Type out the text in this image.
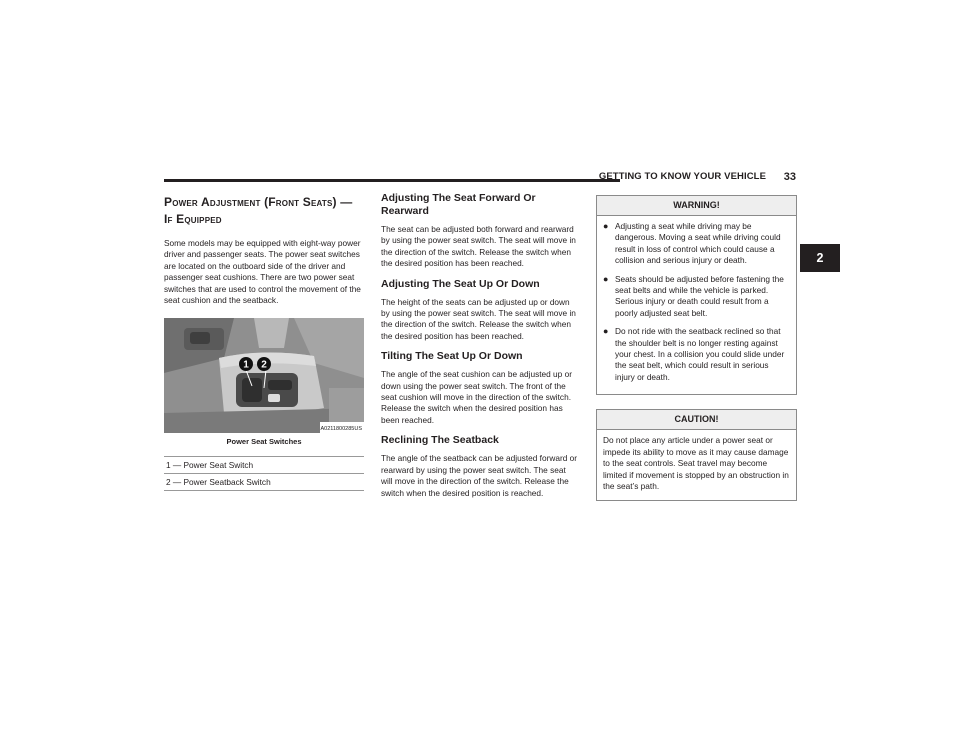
GETTING TO KNOW YOUR VEHICLE 33
2
Power Adjustment (Front Seats) —
If Equipped

Some models may be equipped with eight-way power driver and passenger seats. The power seat switches are located on the outboard side of the driver and passenger seat cushions. There are two power seat switches that are used to control the movement of the seat cushion and the seatback.

1 2
A0211800285US
Power Seat Switches
1 — Power Seat Switch
2 — Power Seatback Switch
Adjusting The Seat Forward Or Rearward

The seat can be adjusted both forward and rearward by using the power seat switch. The seat will move in the direction of the switch. Release the switch when the desired position has been reached.

Adjusting The Seat Up Or Down

The height of the seats can be adjusted up or down by using the power seat switch. The seat will move in the direction of the switch. Release the switch when the desired position has been reached.

Tilting The Seat Up Or Down

The angle of the seat cushion can be adjusted up or down using the power seat switch. The front of the seat cushion will move in the direction of the switch. Release the switch when the desired position has been reached.

Reclining The Seatback

The angle of the seatback can be adjusted forward or rearward by using the power seat switch. The seat will move in the direction of the switch. Release the switch when the desired position is reached.

WARNING!
● Adjusting a seat while driving may be dangerous. Moving a seat while driving could result in loss of control which could cause a collision and serious injury or death.
● Seats should be adjusted before fastening the seat belts and while the vehicle is parked. Serious injury or death could result from a poorly adjusted seat belt.
● Do not ride with the seatback reclined so that the shoulder belt is no longer resting against your chest. In a collision you could slide under the seat belt, which could result in serious injury or death.
CAUTION!

Do not place any article under a power seat or impede its ability to move as it may cause damage to the seat controls. Seat travel may become limited if movement is stopped by an obstruction in the seat’s path.
